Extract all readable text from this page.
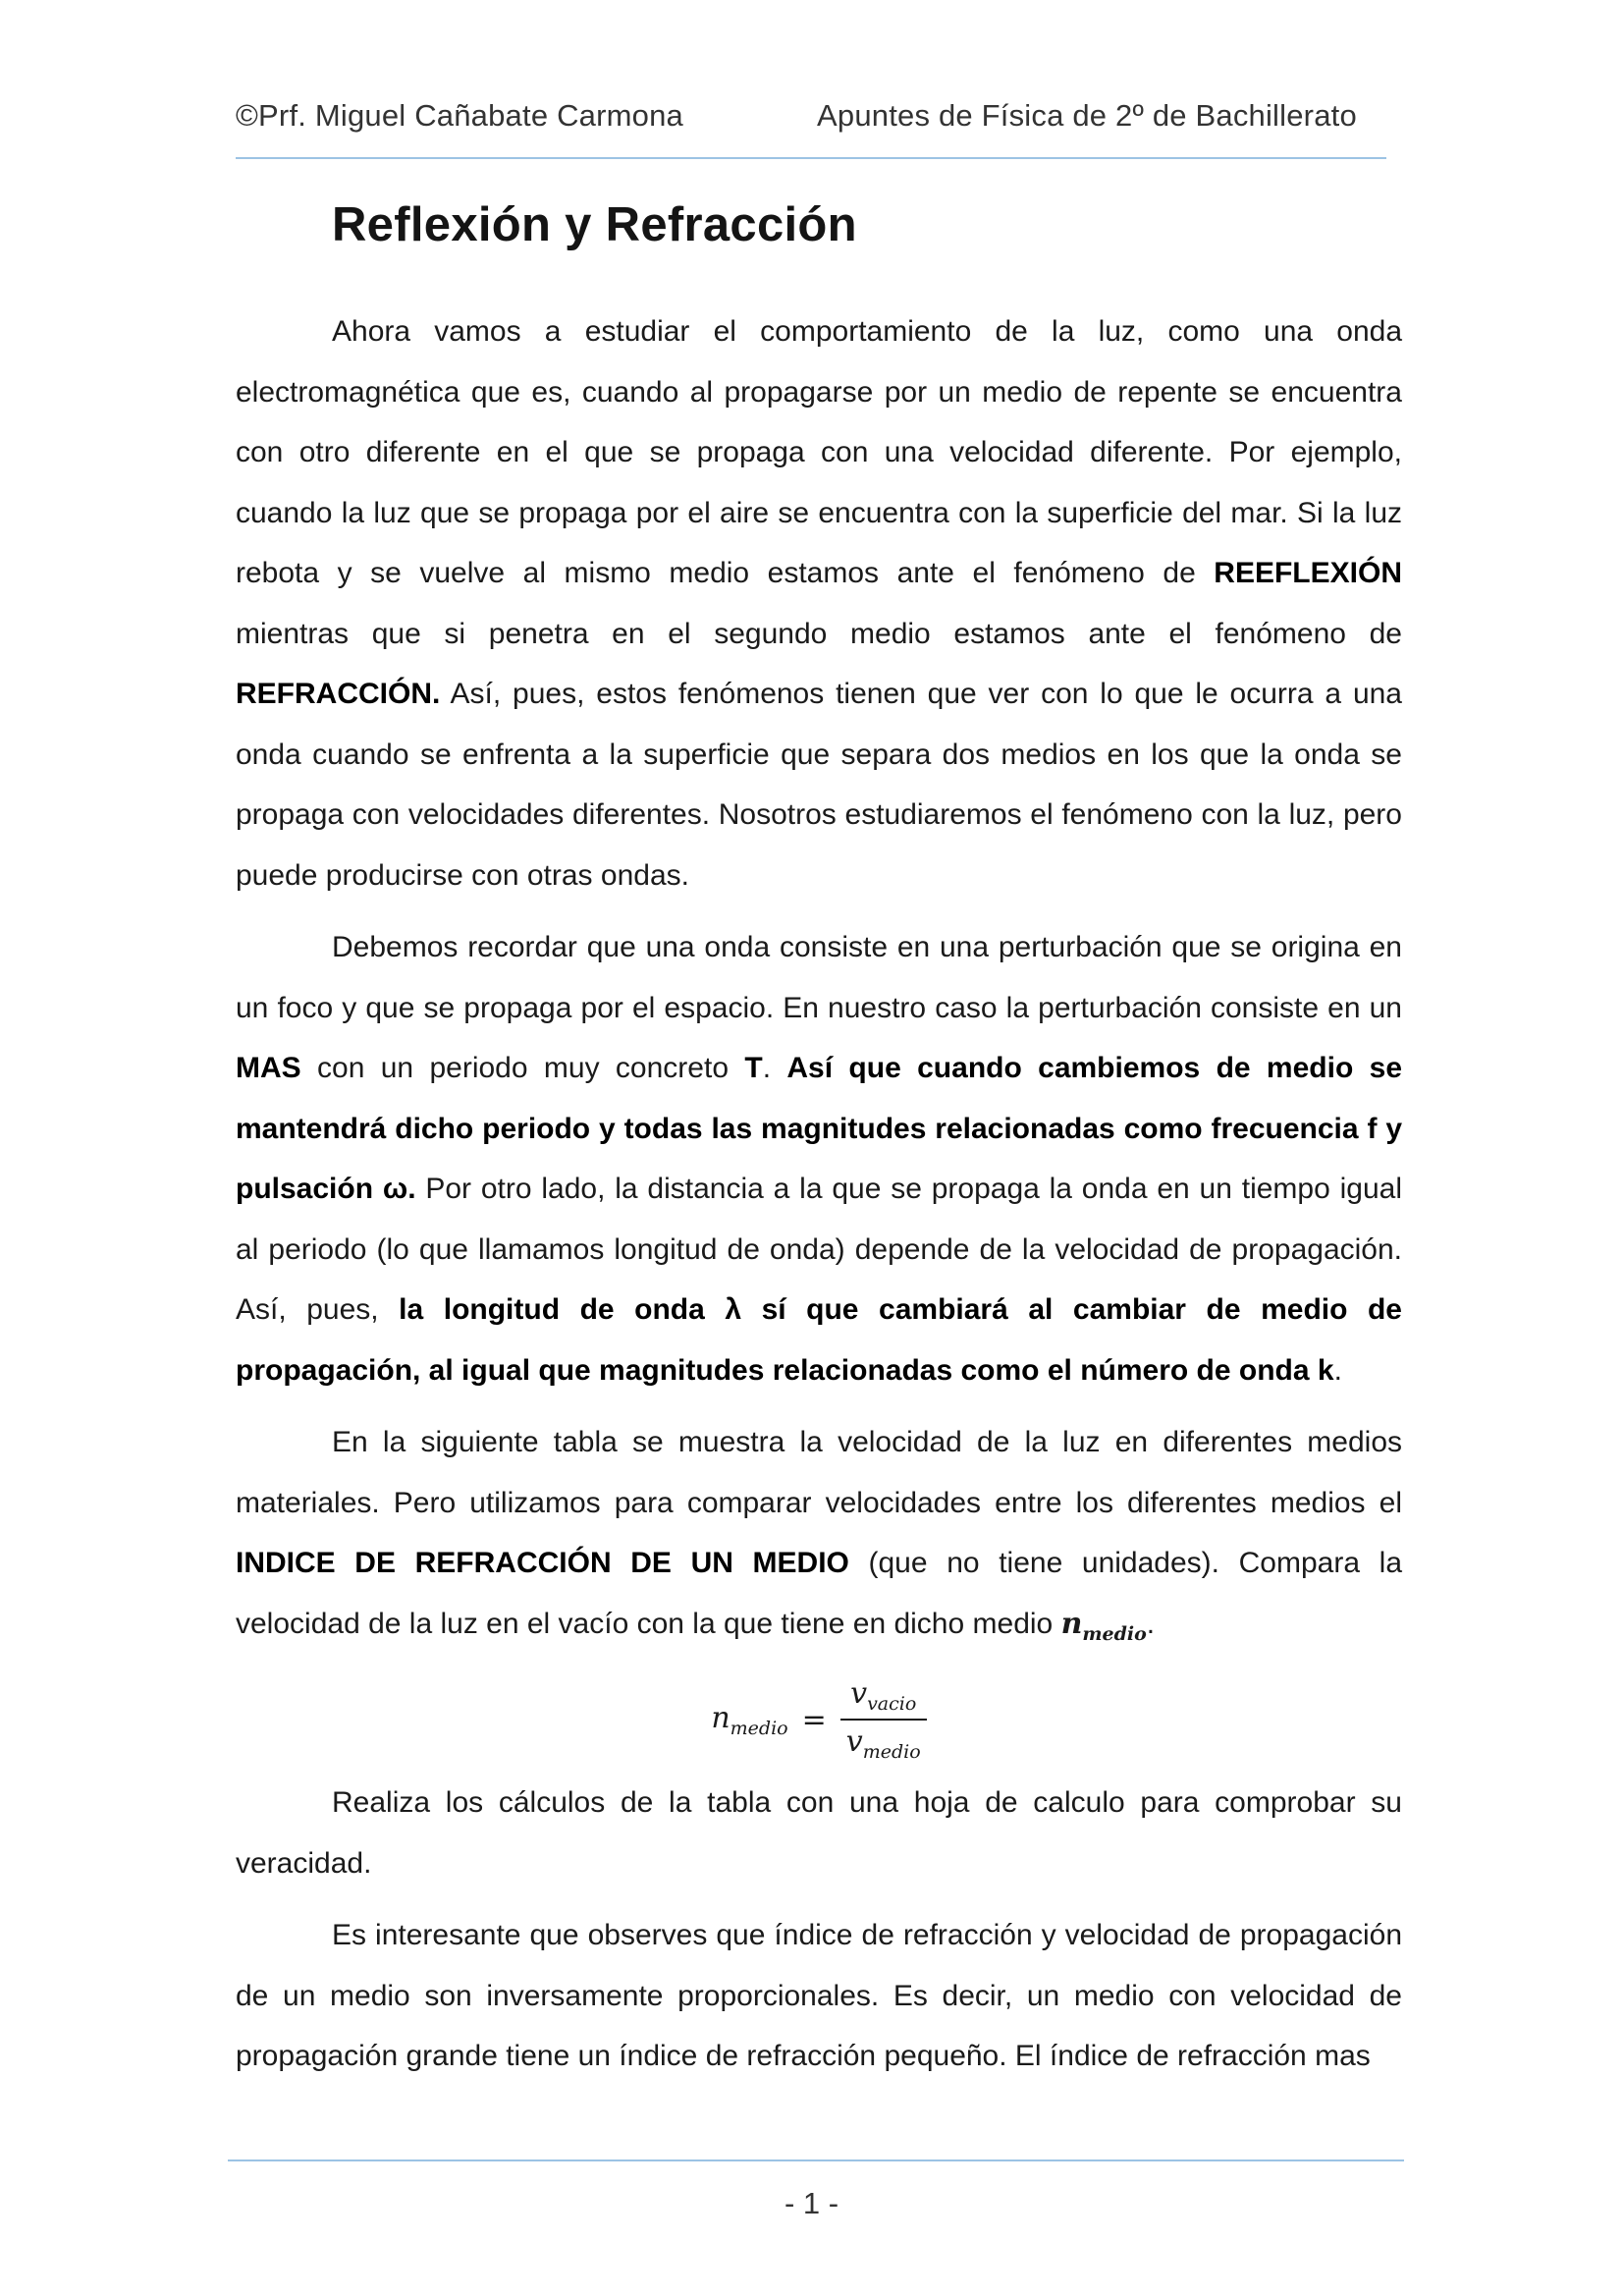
©Prf. Miguel Cañabate Carmona	Apuntes de Física de 2º de Bachillerato
Reflexión y Refracción

Ahora vamos a estudiar el comportamiento de la luz, como una onda electromagnética que es, cuando al propagarse por un medio de repente se encuentra con otro diferente en el que se propaga con una velocidad diferente. Por ejemplo, cuando la luz que se propaga por el aire se encuentra con la superficie del mar. Si la luz rebota y se vuelve al mismo medio estamos ante el fenómeno de REEFLEXIÓN mientras que si penetra en el segundo medio estamos ante el fenómeno de REFRACCIÓN. Así, pues, estos fenómenos tienen que ver con lo que le ocurra a una onda cuando se enfrenta a la superficie que separa dos medios en los que la onda se propaga con velocidades diferentes. Nosotros estudiaremos el fenómeno con la luz, pero puede producirse con otras ondas.

Debemos recordar que una onda consiste en una perturbación que se origina en un foco y que se propaga por el espacio. En nuestro caso la perturbación consiste en un MAS con un periodo muy concreto T. Así que cuando cambiemos de medio se mantendrá dicho periodo y todas las magnitudes relacionadas como frecuencia f y pulsación ω. Por otro lado, la distancia a la que se propaga la onda en un tiempo igual al periodo (lo que llamamos longitud de onda) depende de la velocidad de propagación. Así, pues, la longitud de onda λ sí que cambiará al cambiar de medio de propagación, al igual que magnitudes relacionadas como el número de onda k.

En la siguiente tabla se muestra la velocidad de la luz en diferentes medios materiales. Pero utilizamos para comparar velocidades entre los diferentes medios el INDICE DE REFRACCIÓN DE UN MEDIO (que no tiene unidades). Compara la velocidad de la luz en el vacío con la que tiene en dicho medio $n_{medio}$.

$n_{medio} = \frac{v_{vacio}}{v_{medio}}$

Realiza los cálculos de la tabla con una hoja de calculo para comprobar su veracidad.

Es interesante que observes que índice de refracción y velocidad de propagación de un medio son inversamente proporcionales. Es decir, un medio con velocidad de propagación grande tiene un índice de refracción pequeño. El índice de refracción mas

- 1 -
